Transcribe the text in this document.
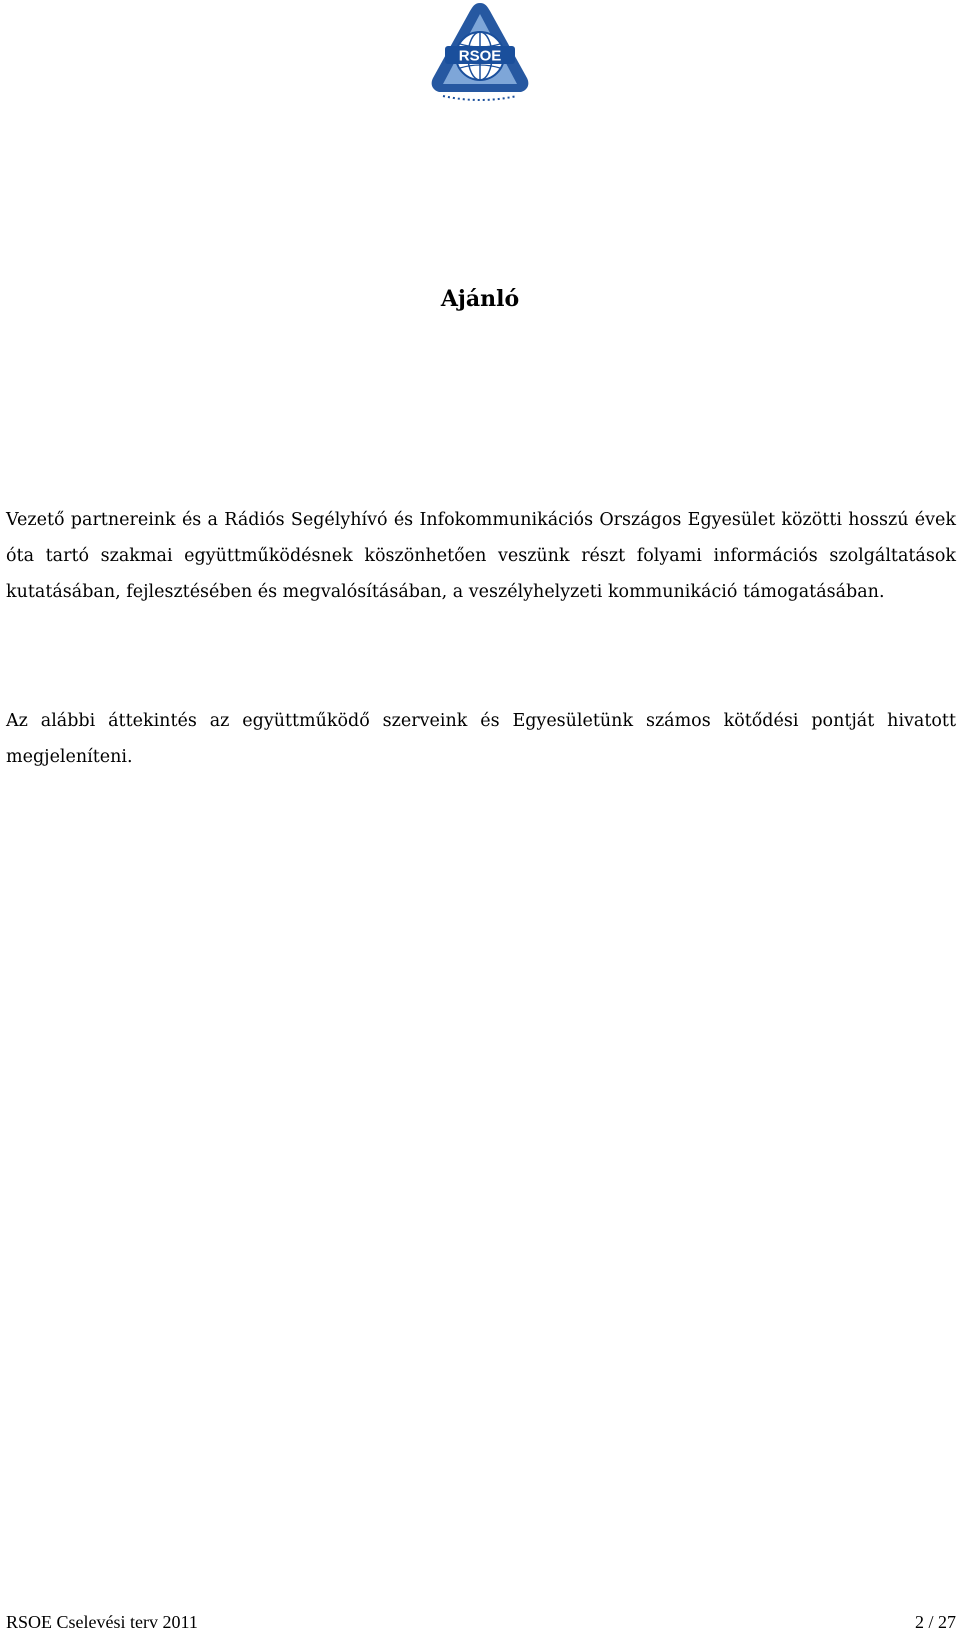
RSOE
Ajánló

Vezető partnereink és a Rádiós Segélyhívó és Infokommunikációs Országos Egyesület közötti hosszú évek óta tartó szakmai együttműködésnek köszönhetően veszünk részt folyami információs szolgáltatások kutatásában, fejlesztésében és megvalósításában, a veszélyhelyzeti kommunikáció támogatásában.

Az alábbi áttekintés az együttműködő szerveink és Egyesületünk számos kötődési pontját hivatott megjeleníteni.

RSOE Cselevési terv 2011	2 / 27
